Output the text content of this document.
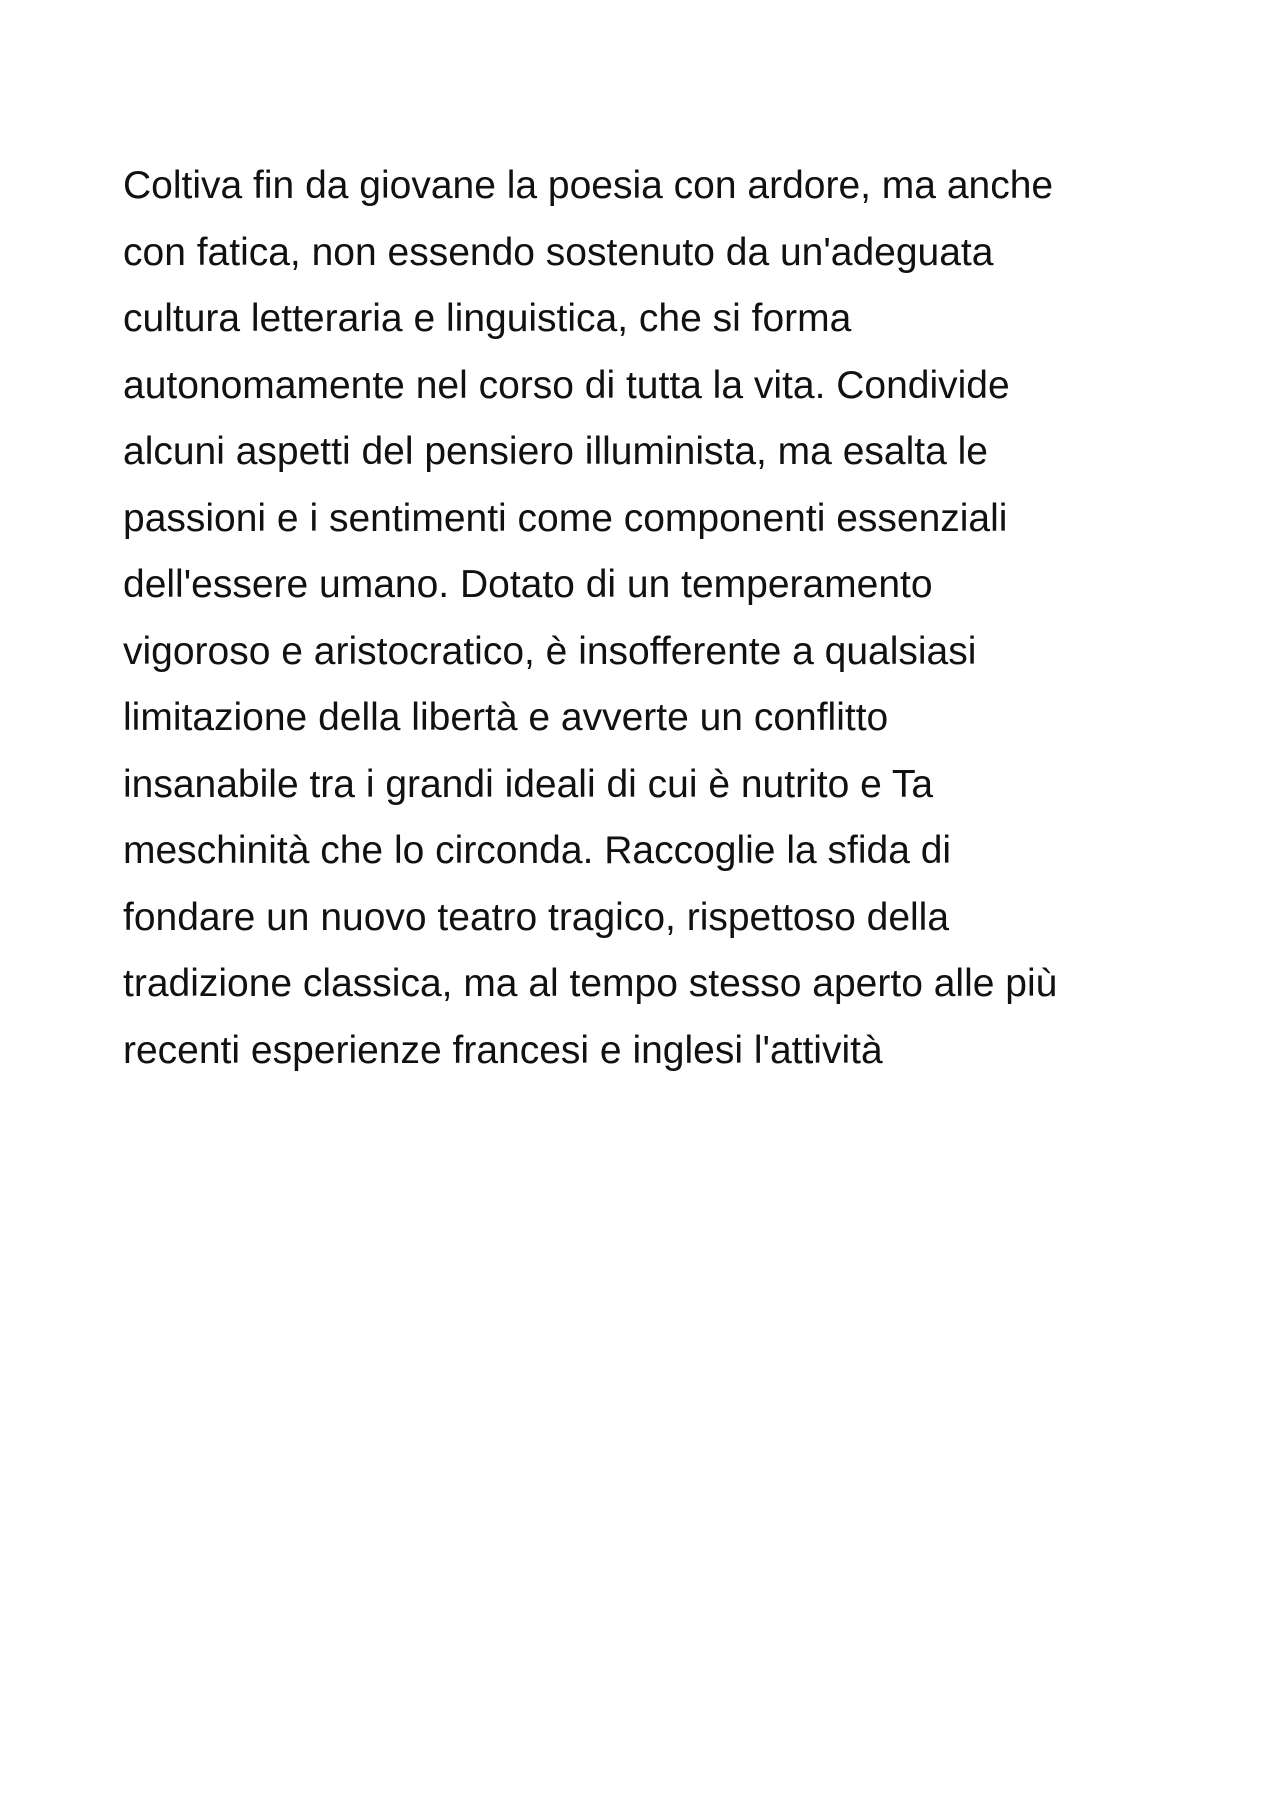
Coltiva fin da giovane la poesia con ardore, ma anche
con fatica, non essendo sostenuto da un'adeguata
cultura letteraria e linguistica, che si forma
autonomamente nel corso di tutta la vita. Condivide
alcuni aspetti del pensiero illuminista, ma esalta le
passioni e i sentimenti come componenti essenziali
dell'essere umano. Dotato di un temperamento
vigoroso e aristocratico, è insofferente a qualsiasi
limitazione della libertà e avverte un conflitto
insanabile tra i grandi ideali di cui è nutrito e Ta
meschinità che lo circonda. Raccoglie la sfida di
fondare un nuovo teatro tragico, rispettoso della
tradizione classica, ma al tempo stesso aperto alle più
recenti esperienze francesi e inglesi l'attività
